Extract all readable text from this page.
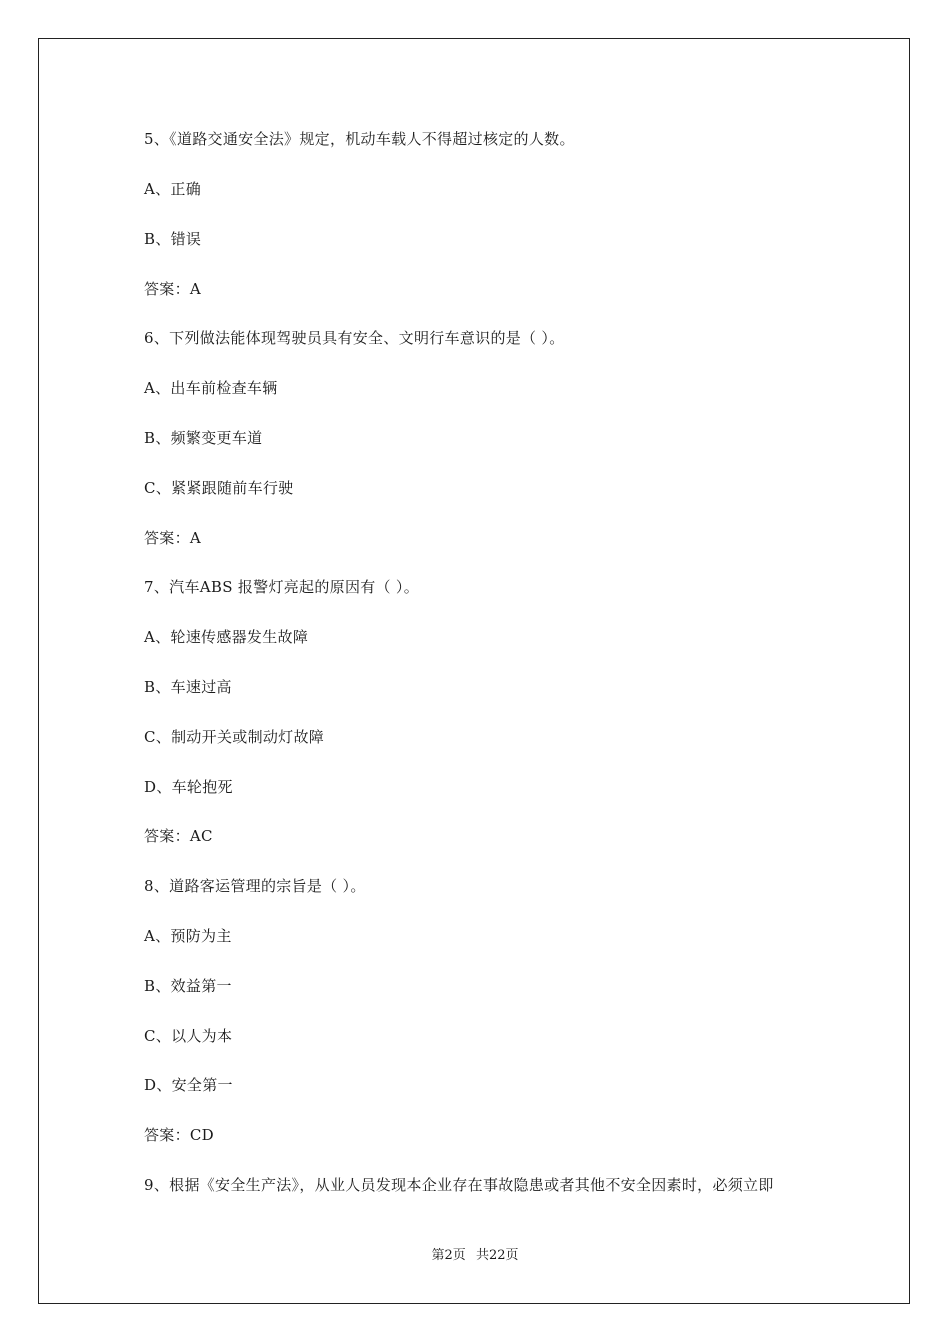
5、《道路交通安全法》规定，机动车载人不得超过核定的人数。
A、正确
B、错误
答案：A
6、下列做法能体现驾驶员具有安全、文明行车意识的是（ ）。
A、出车前检查车辆
B、频繁变更车道
C、紧紧跟随前车行驶
答案：A
7、汽车ABS 报警灯亮起的原因有（ ）。
A、轮速传感器发生故障
B、车速过高
C、制动开关或制动灯故障
D、车轮抱死
答案：AC
8、道路客运管理的宗旨是（ ）。
A、预防为主
B、效益第一
C、以人为本
D、安全第一
答案：CD
9、根据《安全生产法》，从业人员发现本企业存在事故隐患或者其他不安全因素时，必须立即
第2页 共22页
